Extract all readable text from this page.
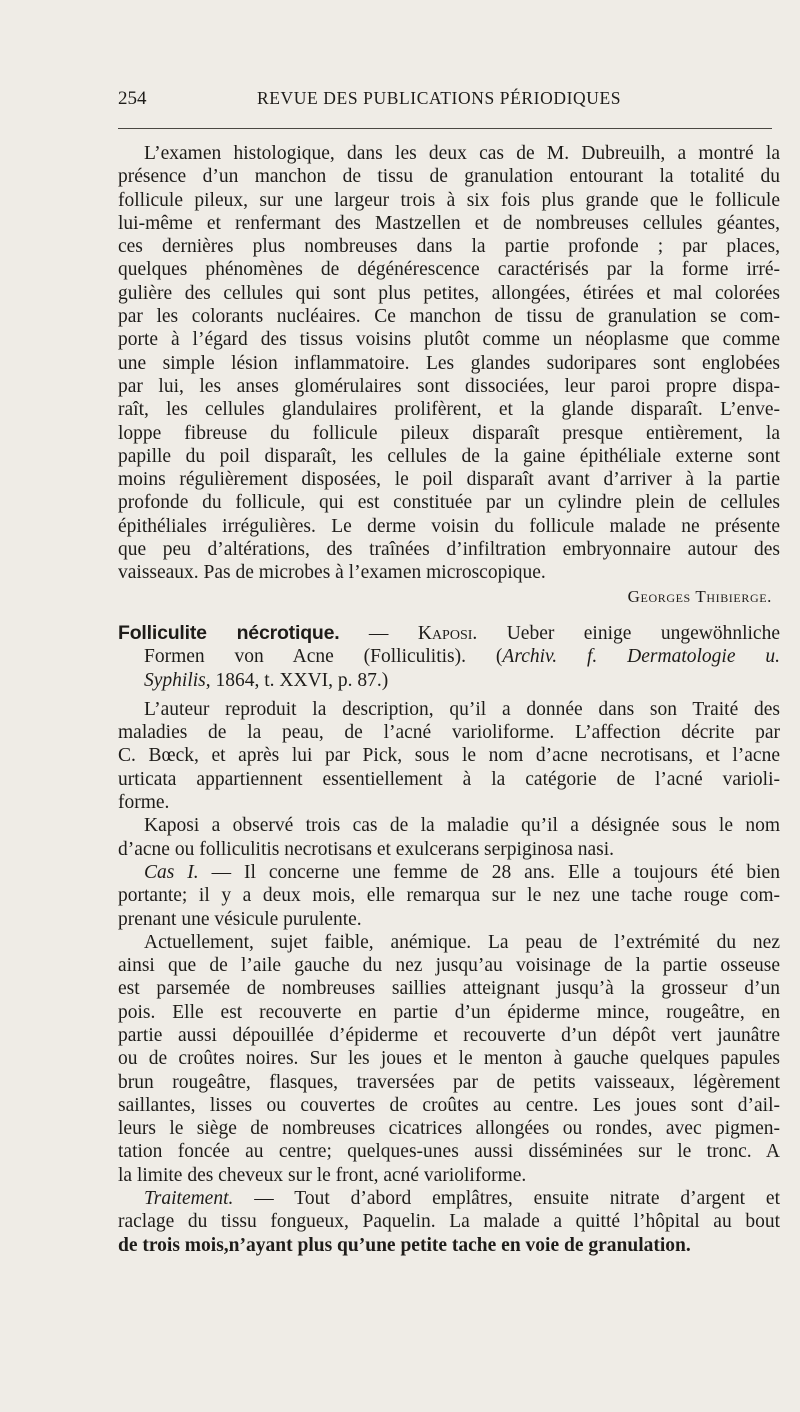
254	REVUE DES PUBLICATIONS PÉRIODIQUES
L’examen histologique, dans les deux cas de M. Dubreuilh, a montré la
présence d’un manchon de tissu de granulation entourant la totalité du
follicule pileux, sur une largeur trois à six fois plus grande que le follicule
lui-même et renfermant des Mastzellen et de nombreuses cellules géantes,
ces dernières plus nombreuses dans la partie profonde ; par places,
quelques phénomènes de dégénérescence caractérisés par la forme irré-
gulière des cellules qui sont plus petites, allongées, étirées et mal colorées
par les colorants nucléaires. Ce manchon de tissu de granulation se com-
porte à l’égard des tissus voisins plutôt comme un néoplasme que comme
une simple lésion inflammatoire. Les glandes sudoripares sont englobées
par lui, les anses glomérulaires sont dissociées, leur paroi propre dispa-
raît, les cellules glandulaires prolifèrent, et la glande disparaît. L’enve-
loppe fibreuse du follicule pileux disparaît presque entièrement, la
papille du poil disparaît, les cellules de la gaine épithéliale externe sont
moins régulièrement disposées, le poil disparaît avant d’arriver à la partie
profonde du follicule, qui est constituée par un cylindre plein de cellules
épithéliales irrégulières. Le derme voisin du follicule malade ne présente
que peu d’altérations, des traînées d’infiltration embryonnaire autour des
vaisseaux. Pas de microbes à l’examen microscopique.
Georges Thibierge.
Folliculite nécrotique. — Kaposi. Ueber einige ungewöhnliche
Formen von Acne (Folliculitis). (Archiv. f. Dermatologie u.
Syphilis, 1864, t. XXVI, p. 87.)
L’auteur reproduit la description, qu’il a donnée dans son Traité des
maladies de la peau, de l’acné varioliforme. L’affection décrite par
C. Bœck, et après lui par Pick, sous le nom d’acne necrotisans, et l’acne
urticata appartiennent essentiellement à la catégorie de l’acné varioli-
forme.
Kaposi a observé trois cas de la maladie qu’il a désignée sous le nom
d’acne ou folliculitis necrotisans et exulcerans serpiginosa nasi.
Cas I. — Il concerne une femme de 28 ans. Elle a toujours été bien
portante; il y a deux mois, elle remarqua sur le nez une tache rouge com-
prenant une vésicule purulente.
Actuellement, sujet faible, anémique. La peau de l’extrémité du nez
ainsi que de l’aile gauche du nez jusqu’au voisinage de la partie osseuse
est parsemée de nombreuses saillies atteignant jusqu’à la grosseur d’un
pois. Elle est recouverte en partie d’un épiderme mince, rougeâtre, en
partie aussi dépouillée d’épiderme et recouverte d’un dépôt vert jaunâtre
ou de croûtes noires. Sur les joues et le menton à gauche quelques papules
brun rougeâtre, flasques, traversées par de petits vaisseaux, légèrement
saillantes, lisses ou couvertes de croûtes au centre. Les joues sont d’ail-
leurs le siège de nombreuses cicatrices allongées ou rondes, avec pigmen-
tation foncée au centre; quelques-unes aussi disséminées sur le tronc. A
la limite des cheveux sur le front, acné varioliforme.
Traitement. — Tout d’abord emplâtres, ensuite nitrate d’argent et
raclage du tissu fongueux, Paquelin. La malade a quitté l’hôpital au bout
de trois mois,n’ayant plus qu’une petite tache en voie de granulation.
